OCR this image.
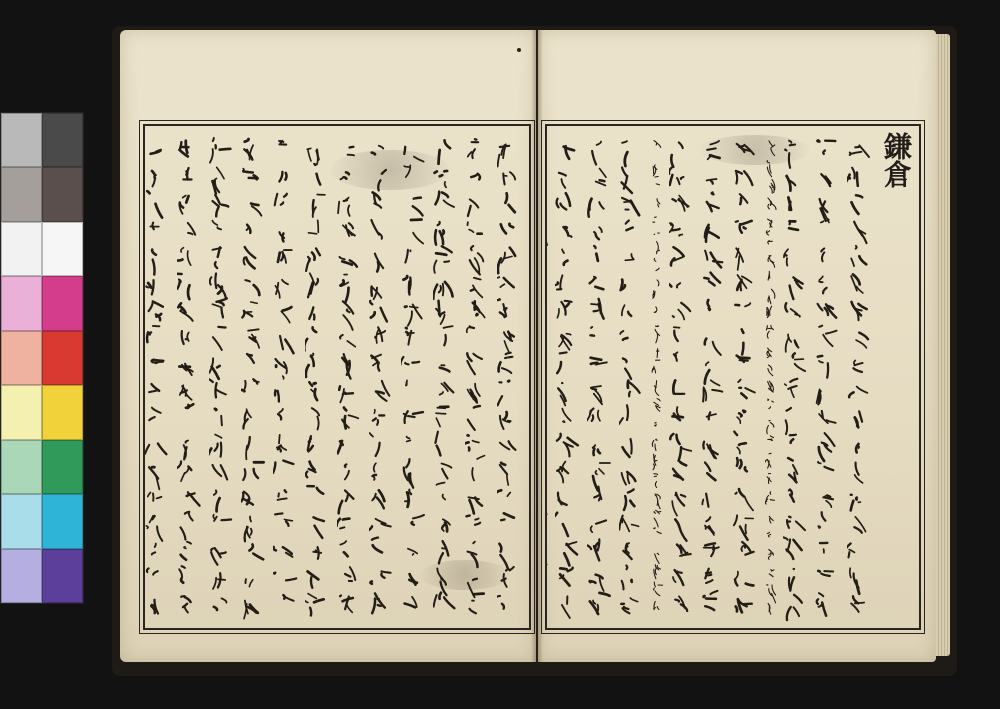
鎌倉
